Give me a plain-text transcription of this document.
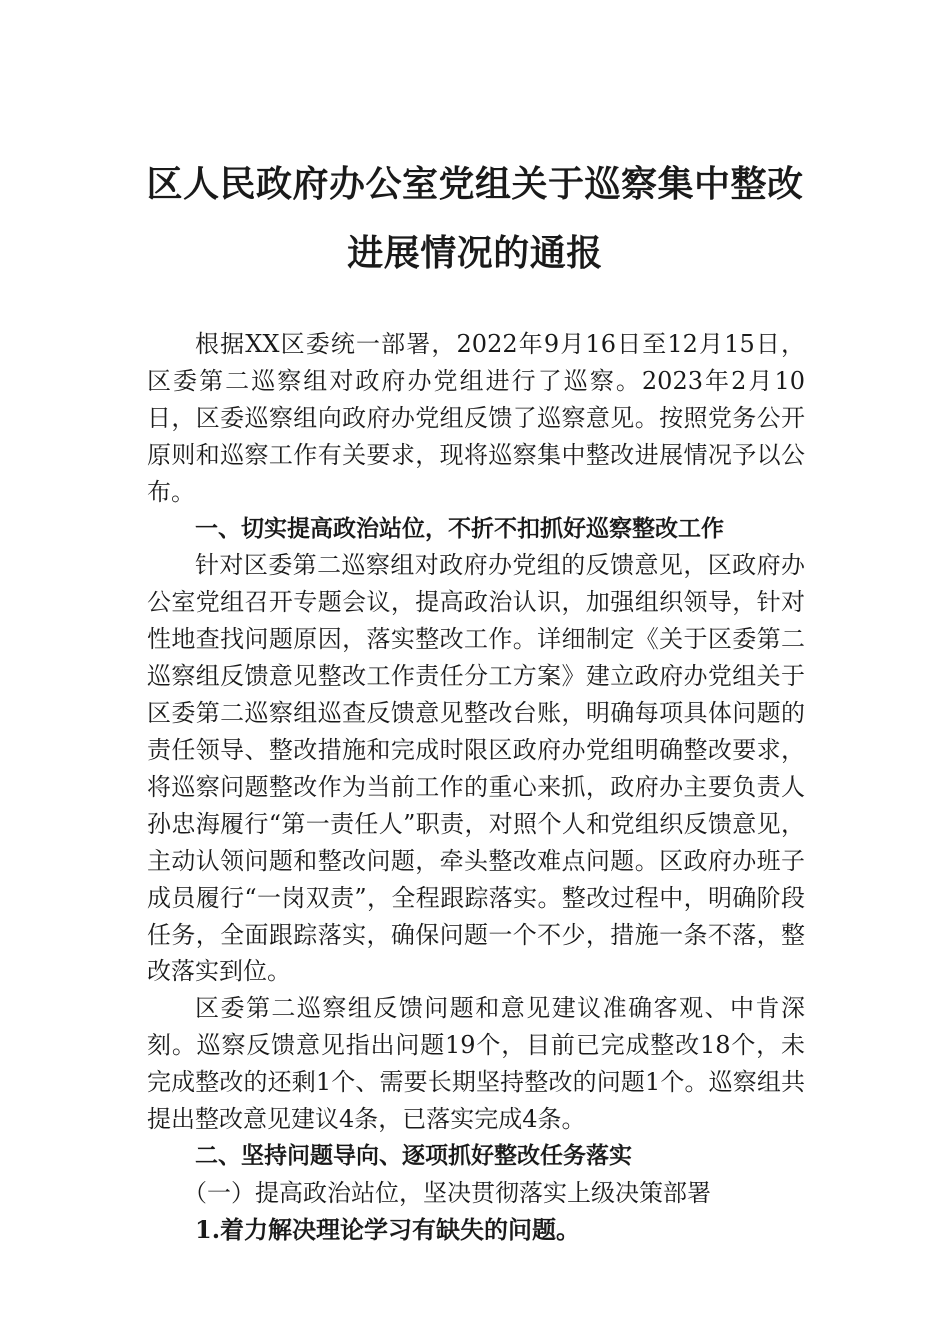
区人民政府办公室党组关于巡察集中整改
进展情况的通报

根据XX区委统一部署，2022年9月16日至12月15日，区委第二巡察组对政府办党组进行了巡察。2023年2月10日，区委巡察组向政府办党组反馈了巡察意见。按照党务公开原则和巡察工作有关要求，现将巡察集中整改进展情况予以公布。

一、切实提高政治站位，不折不扣抓好巡察整改工作

针对区委第二巡察组对政府办党组的反馈意见，区政府办公室党组召开专题会议，提高政治认识，加强组织领导，针对性地查找问题原因，落实整改工作。详细制定《关于区委第二巡察组反馈意见整改工作责任分工方案》建立政府办党组关于区委第二巡察组巡查反馈意见整改台账，明确每项具体问题的责任领导、整改措施和完成时限区政府办党组明确整改要求，将巡察问题整改作为当前工作的重心来抓，政府办主要负责人孙忠海履行“第一责任人”职责，对照个人和党组织反馈意见，主动认领问题和整改问题，牵头整改难点问题。区政府办班子成员履行“一岗双责”，全程跟踪落实。整改过程中，明确阶段任务，全面跟踪落实，确保问题一个不少，措施一条不落，整改落实到位。

区委第二巡察组反馈问题和意见建议准确客观、中肯深刻。巡察反馈意见指出问题19个，目前已完成整改18个，未完成整改的还剩1个、需要长期坚持整改的问题1个。巡察组共提出整改意见建议4条，已落实完成4条。

二、坚持问题导向、逐项抓好整改任务落实

（一）提高政治站位，坚决贯彻落实上级决策部署

1.着力解决理论学习有缺失的问题。
